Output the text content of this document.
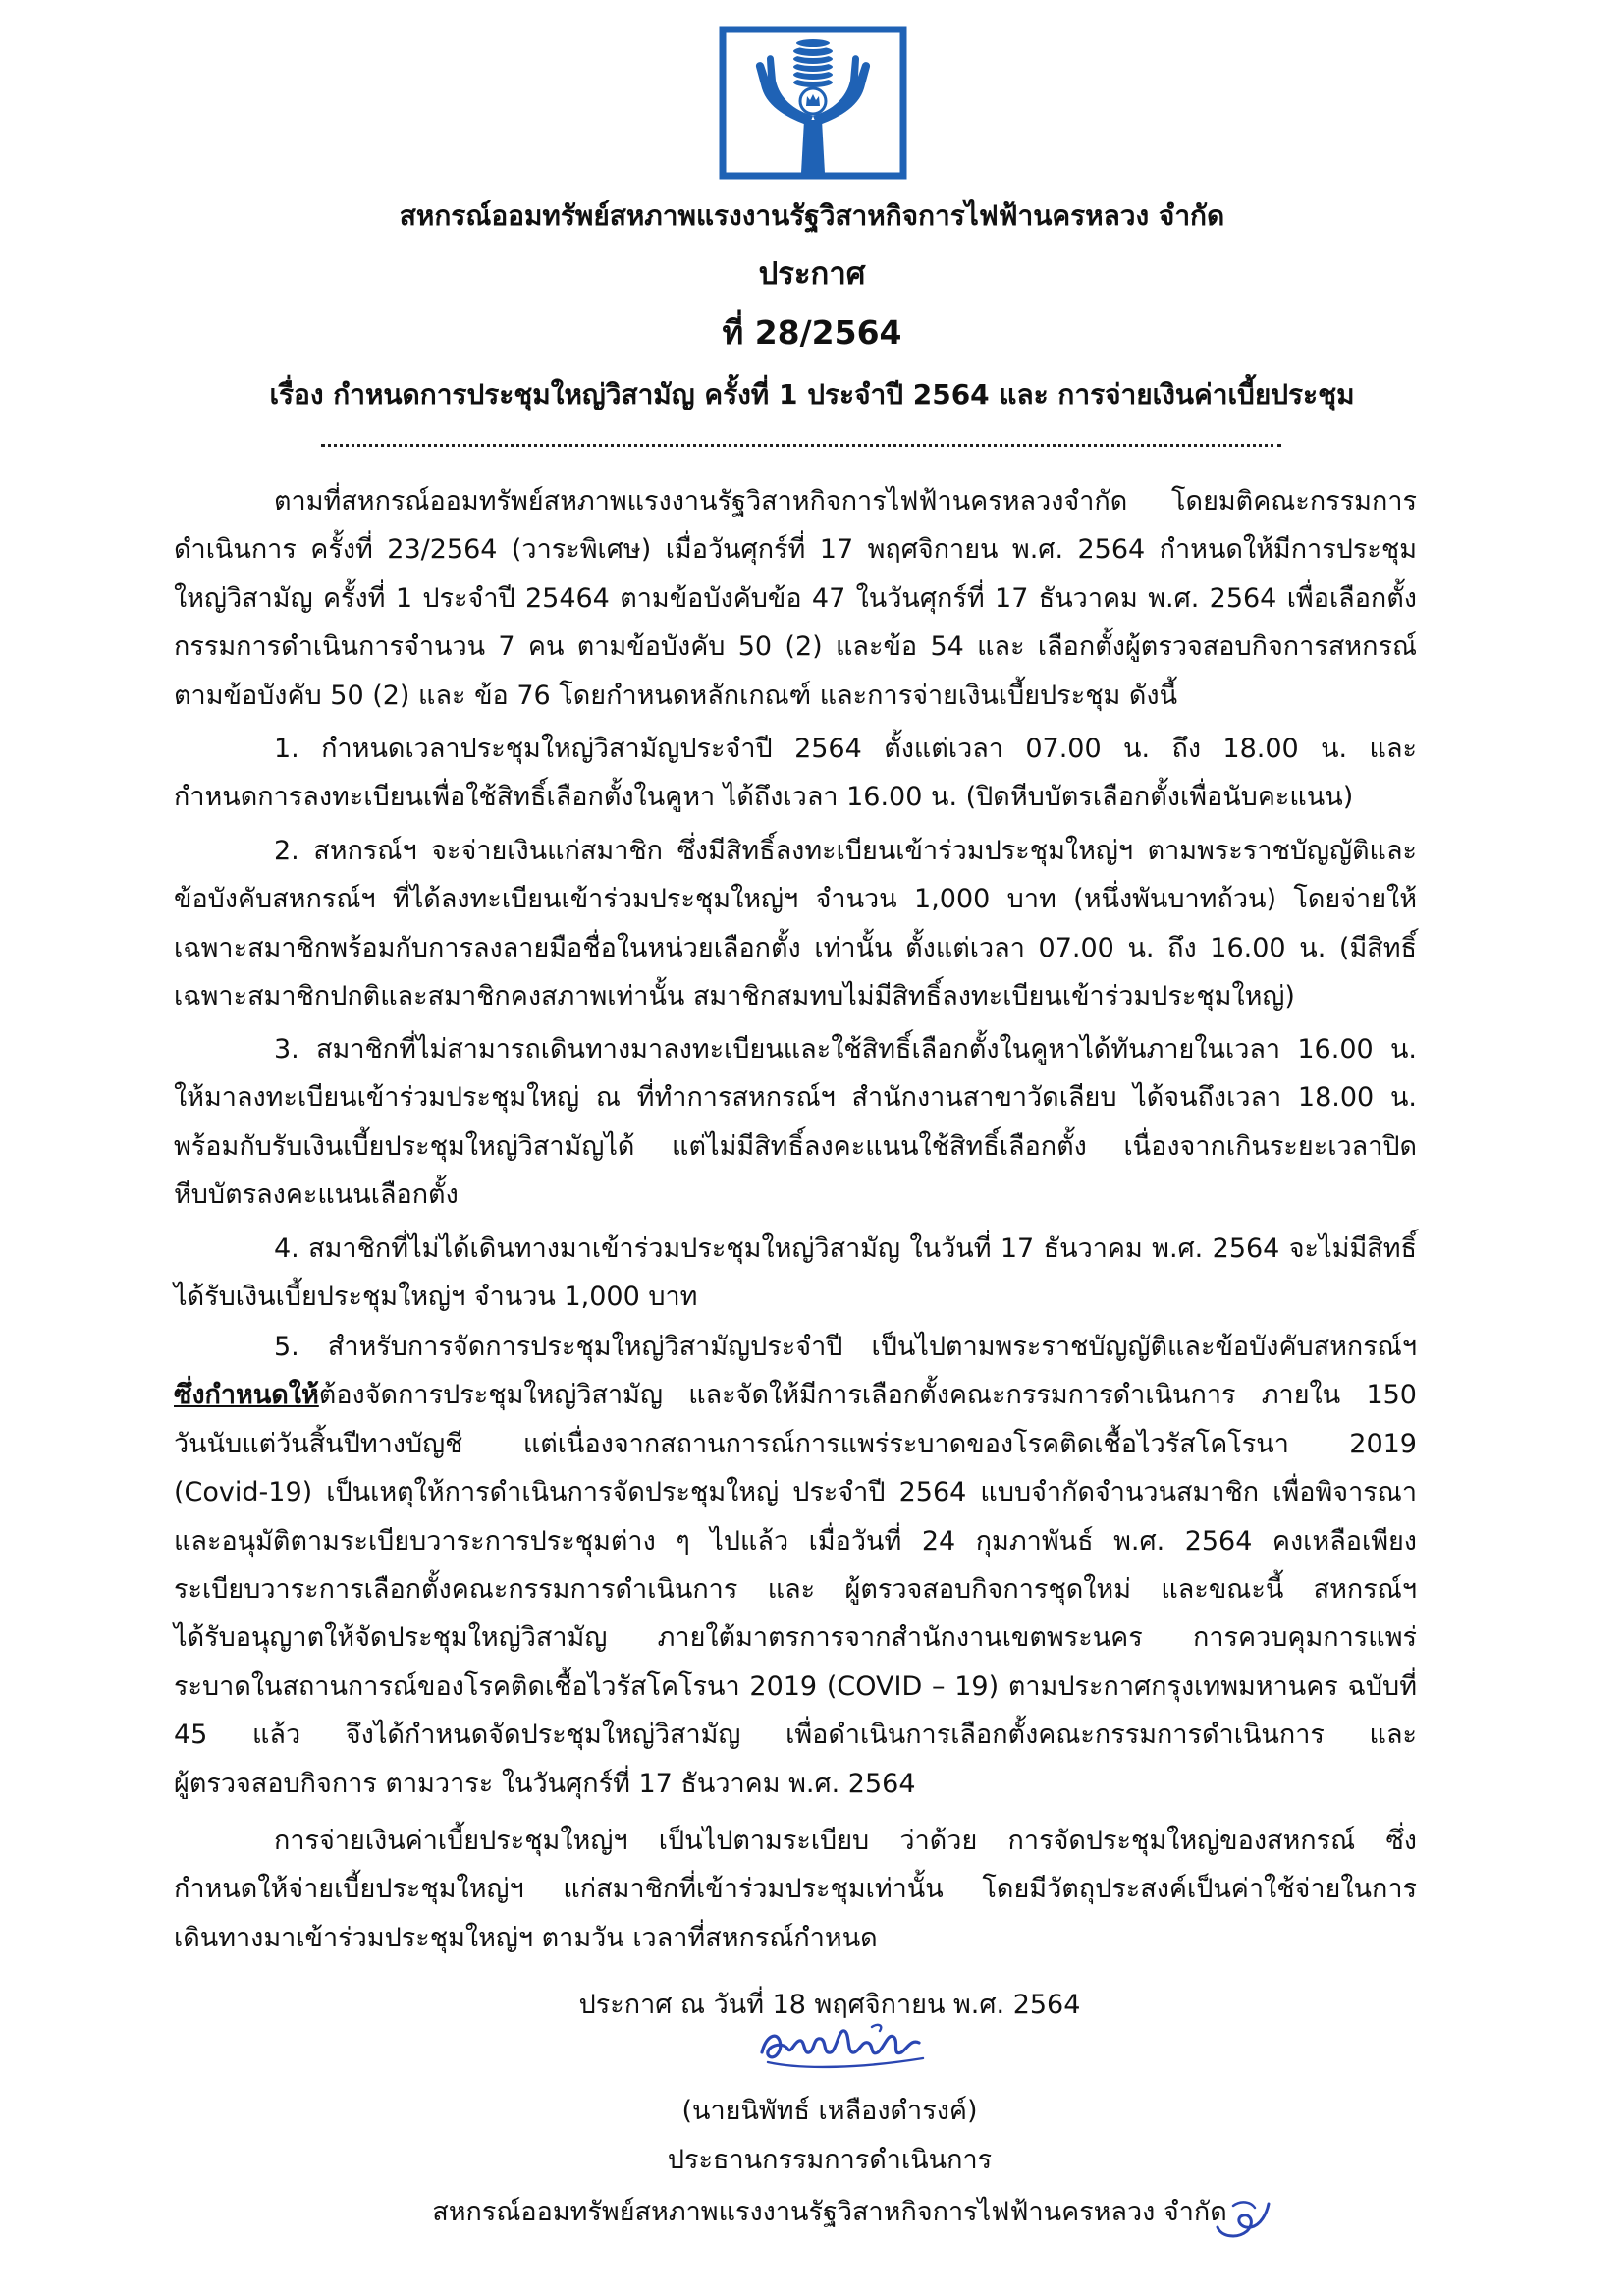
สหกรณ์ออมทรัพย์สหภาพแรงงานรัฐวิสาหกิจการไฟฟ้านครหลวง จำกัด
ประกาศ
ที่ 28/2564
เรื่อง กำหนดการประชุมใหญ่วิสามัญ ครั้งที่ 1 ประจำปี 2564 และ การจ่ายเงินค่าเบี้ยประชุม
ตามที่สหกรณ์ออมทรัพย์สหภาพแรงงานรัฐวิสาหกิจการไฟฟ้านครหลวงจำกัด โดยมติคณะกรรมการ
ดำเนินการ ครั้งที่ 23/2564 (วาระพิเศษ) เมื่อวันศุกร์ที่ 17 พฤศจิกายน พ.ศ. 2564 กำหนดให้มีการประชุม
ใหญ่วิสามัญ ครั้งที่ 1 ประจำปี 25464 ตามข้อบังคับข้อ 47 ในวันศุกร์ที่ 17 ธันวาคม พ.ศ. 2564 เพื่อเลือกตั้ง
กรรมการดำเนินการจำนวน 7 คน ตามข้อบังคับ 50 (2) และข้อ 54 และ เลือกตั้งผู้ตรวจสอบกิจการสหกรณ์
ตามข้อบังคับ 50 (2) และ ข้อ 76 โดยกำหนดหลักเกณฑ์ และการจ่ายเงินเบี้ยประชุม ดังนี้
1. กำหนดเวลาประชุมใหญ่วิสามัญประจำปี 2564 ตั้งแต่เวลา 07.00 น. ถึง 18.00 น. และ
กำหนดการลงทะเบียนเพื่อใช้สิทธิ์เลือกตั้งในคูหา ได้ถึงเวลา 16.00 น. (ปิดหีบบัตรเลือกตั้งเพื่อนับคะแนน)
2. สหกรณ์ฯ จะจ่ายเงินแก่สมาชิก ซึ่งมีสิทธิ์ลงทะเบียนเข้าร่วมประชุมใหญ่ฯ ตามพระราชบัญญัติและ
ข้อบังคับสหกรณ์ฯ ที่ได้ลงทะเบียนเข้าร่วมประชุมใหญ่ฯ จำนวน 1,000 บาท (หนึ่งพันบาทถ้วน) โดยจ่ายให้
เฉพาะสมาชิกพร้อมกับการลงลายมือชื่อในหน่วยเลือกตั้ง เท่านั้น ตั้งแต่เวลา 07.00 น. ถึง 16.00 น. (มีสิทธิ์
เฉพาะสมาชิกปกติและสมาชิกคงสภาพเท่านั้น สมาชิกสมทบไม่มีสิทธิ์ลงทะเบียนเข้าร่วมประชุมใหญ่)
3. สมาชิกที่ไม่สามารถเดินทางมาลงทะเบียนและใช้สิทธิ์เลือกตั้งในคูหาได้ทันภายในเวลา 16.00 น.
ให้มาลงทะเบียนเข้าร่วมประชุมใหญ่ ณ ที่ทำการสหกรณ์ฯ สำนักงานสาขาวัดเลียบ ได้จนถึงเวลา 18.00 น.
พร้อมกับรับเงินเบี้ยประชุมใหญ่วิสามัญได้ แต่ไม่มีสิทธิ์ลงคะแนนใช้สิทธิ์เลือกตั้ง เนื่องจากเกินระยะเวลาปิด
หีบบัตรลงคะแนนเลือกตั้ง
4. สมาชิกที่ไม่ได้เดินทางมาเข้าร่วมประชุมใหญ่วิสามัญ ในวันที่ 17 ธันวาคม พ.ศ. 2564 จะไม่มีสิทธิ์
ได้รับเงินเบี้ยประชุมใหญ่ฯ จำนวน 1,000 บาท
5. สำหรับการจัดการประชุมใหญ่วิสามัญประจำปี เป็นไปตามพระราชบัญญัติและข้อบังคับสหกรณ์ฯ
ซึ่งกำหนดให้ต้องจัดการประชุมใหญ่วิสามัญ และจัดให้มีการเลือกตั้งคณะกรรมการดำเนินการ ภายใน 150
วันนับแต่วันสิ้นปีทางบัญชี แต่เนื่องจากสถานการณ์การแพร่ระบาดของโรคติดเชื้อไวรัสโคโรนา 2019
(Covid-19) เป็นเหตุให้การดำเนินการจัดประชุมใหญ่ ประจำปี 2564 แบบจำกัดจำนวนสมาชิก เพื่อพิจารณา
และอนุมัติตามระเบียบวาระการประชุมต่าง ๆ ไปแล้ว เมื่อวันที่ 24 กุมภาพันธ์ พ.ศ. 2564 คงเหลือเพียง
ระเบียบวาระการเลือกตั้งคณะกรรมการดำเนินการ และ ผู้ตรวจสอบกิจการชุดใหม่ และขณะนี้ สหกรณ์ฯ
ได้รับอนุญาตให้จัดประชุมใหญ่วิสามัญ ภายใต้มาตรการจากสำนักงานเขตพระนคร การควบคุมการแพร่
ระบาดในสถานการณ์ของโรคติดเชื้อไวรัสโคโรนา 2019 (COVID – 19) ตามประกาศกรุงเทพมหานคร ฉบับที่
45 แล้ว จึงได้กำหนดจัดประชุมใหญ่วิสามัญ เพื่อดำเนินการเลือกตั้งคณะกรรมการดำเนินการ และ
ผู้ตรวจสอบกิจการ ตามวาระ ในวันศุกร์ที่ 17 ธันวาคม พ.ศ. 2564
การจ่ายเงินค่าเบี้ยประชุมใหญ่ฯ เป็นไปตามระเบียบ ว่าด้วย การจัดประชุมใหญ่ของสหกรณ์ ซึ่ง
กำหนดให้จ่ายเบี้ยประชุมใหญ่ฯ แก่สมาชิกที่เข้าร่วมประชุมเท่านั้น โดยมีวัตถุประสงค์เป็นค่าใช้จ่ายในการ
เดินทางมาเข้าร่วมประชุมใหญ่ฯ ตามวัน เวลาที่สหกรณ์กำหนด
ประกาศ ณ วันที่ 18 พฤศจิกายน พ.ศ. 2564
(นายนิพัทธ์ เหลืองดำรงค์)
ประธานกรรมการดำเนินการ
สหกรณ์ออมทรัพย์สหภาพแรงงานรัฐวิสาหกิจการไฟฟ้านครหลวง จำกัด
